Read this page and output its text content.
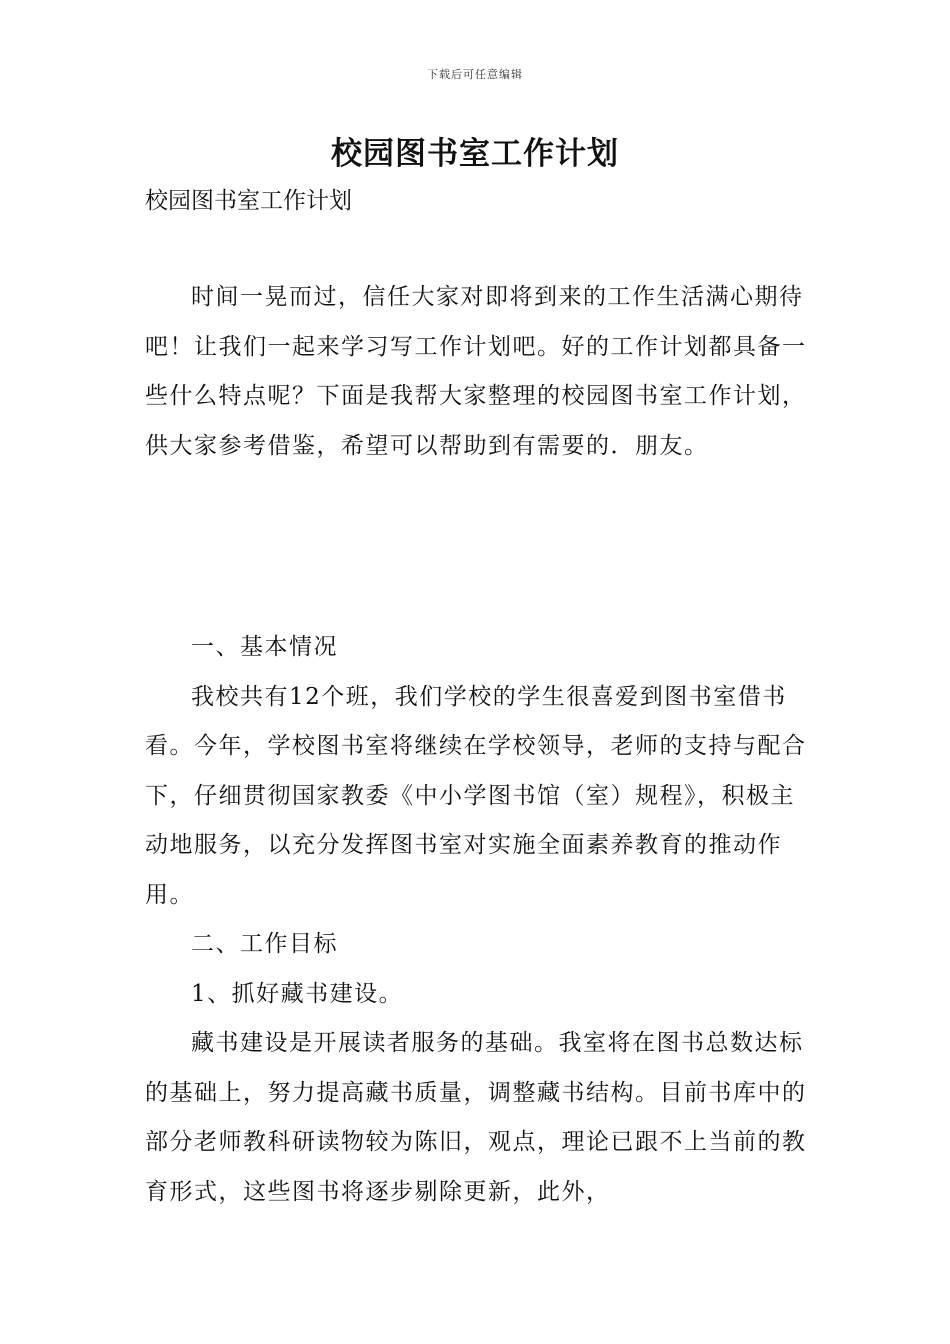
下载后可任意编辑
校园图书室工作计划
校园图书室工作计划

时间一晃而过，信任大家对即将到来的工作生活满心期待吧！让我们一起来学习写工作计划吧。好的工作计划都具备一些什么特点呢？下面是我帮大家整理的校园图书室工作计划，供大家参考借鉴，希望可以帮助到有需要的．朋友。

一、基本情况

我校共有12个班，我们学校的学生很喜爱到图书室借书看。今年，学校图书室将继续在学校领导，老师的支持与配合下，仔细贯彻国家教委《中小学图书馆（室）规程》，积极主动地服务，以充分发挥图书室对实施全面素养教育的推动作用。

二、工作目标

1、抓好藏书建设。

藏书建设是开展读者服务的基础。我室将在图书总数达标的基础上，努力提高藏书质量，调整藏书结构。目前书库中的部分老师教科研读物较为陈旧，观点，理论已跟不上当前的教育形式，这些图书将逐步剔除更新，此外，
